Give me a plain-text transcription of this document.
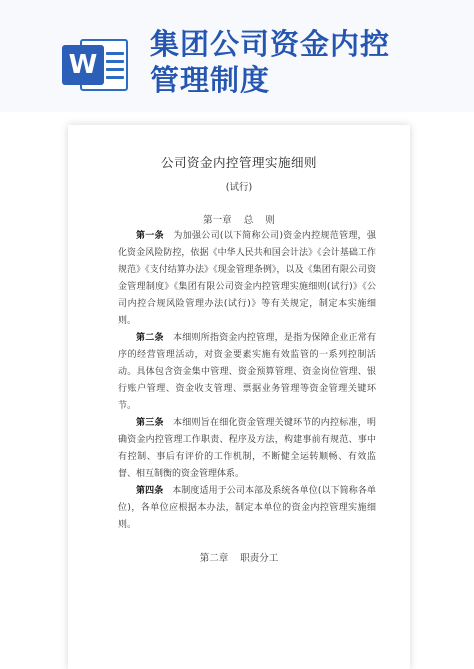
W
集团公司资金内控
管理制度
公司资金内控管理实施细则
(试行)
第一章    总    则

第一条 为加强公司(以下简称公司)资金内控规范管理，强化资金风险防控，依据《中华人民共和国会计法》《会计基础工作规范》《支付结算办法》《现金管理条例》，以及《集团有限公司资金管理制度》《集团有限公司资金内控管理实施细则(试行)》《公司内控合规风险管理办法(试行)》等有关规定，制定本实施细则。

第二条 本细则所指资金内控管理，是指为保障企业正常有序的经营管理活动，对资金要素实施有效监管的一系列控制活动。具体包含资金集中管理、资金预算管理、资金岗位管理、银行账户管理、资金收支管理、票据业务管理等资金管理关键环节。

第三条 本细则旨在细化资金管理关键环节的内控标准，明确资金内控管理工作职责、程序及方法，构建事前有规范、事中有控制、事后有评价的工作机制，不断健全运转顺畅、有效监督、相互制衡的资金管理体系。

第四条 本制度适用于公司本部及系统各单位(以下简称各单位)，各单位应根据本办法，制定本单位的资金内控管理实施细则。

第二章    职责分工
